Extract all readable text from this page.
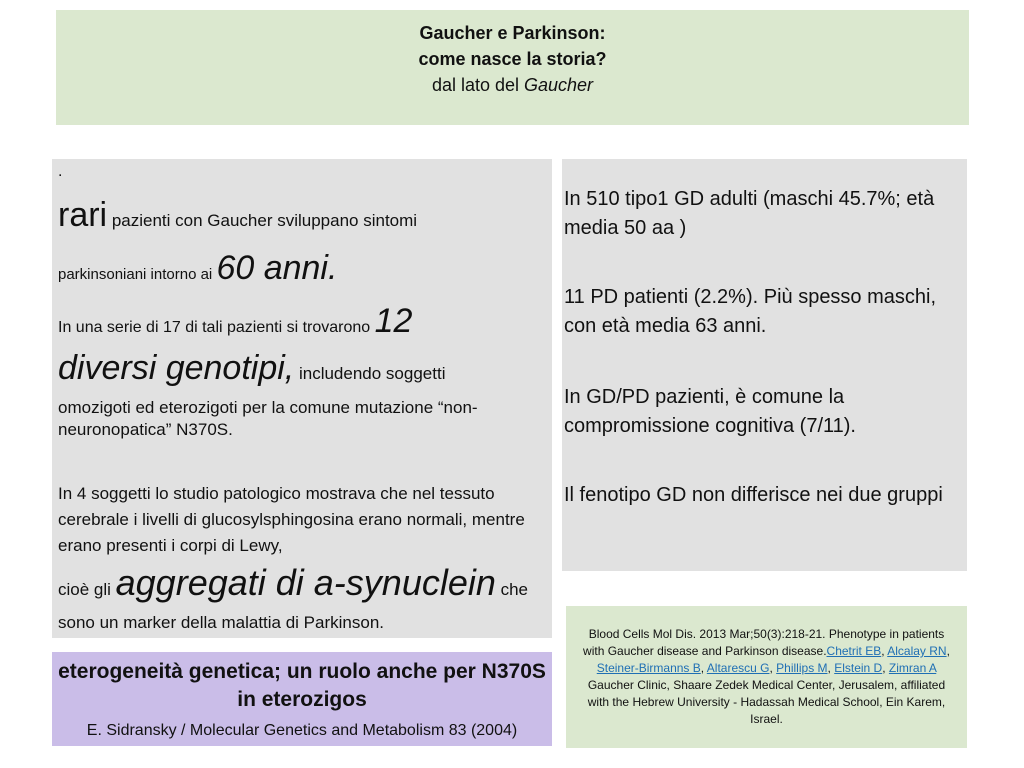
Gaucher e Parkinson:
come nasce la storia?
dal lato del Gaucher
.
rari pazienti con Gaucher sviluppano sintomi
parkinsoniani intorno ai 60 anni.
In una serie di 17 di tali pazienti si trovarono 12
diversi genotipi, includendo soggetti
omozigoti ed eterozigoti per la comune mutazione “non-neuronopatica” N370S.
In 4 soggetti lo studio patologico mostrava che nel tessuto cerebrale i livelli di glucosylsphingosina erano normali, mentre erano presenti i corpi di Lewy,
cioè gli aggregati di a-synuclein che
sono un marker della malattia di Parkinson.

In 510 tipo1 GD adulti (maschi 45.7%; età media 50 aa )

11 PD patienti (2.2%). Più spesso maschi, con età media 63 anni.

In GD/PD pazienti, è comune la compromissione cognitiva (7/11).

Il fenotipo GD non differisce nei due gruppi

eterogeneità genetica; un ruolo anche per N370S in eterozigos
E. Sidransky / Molecular Genetics and Metabolism 83 (2004)
Blood Cells Mol Dis. 2013 Mar;50(3):218-21. Phenotype in patients with Gaucher disease and Parkinson disease.Chetrit EB, Alcalay RN, Steiner-Birmanns B, Altarescu G, Phillips M, Elstein D, Zimran A Gaucher Clinic, Shaare Zedek Medical Center, Jerusalem, affiliated with the Hebrew University - Hadassah Medical School, Ein Karem, Israel.
